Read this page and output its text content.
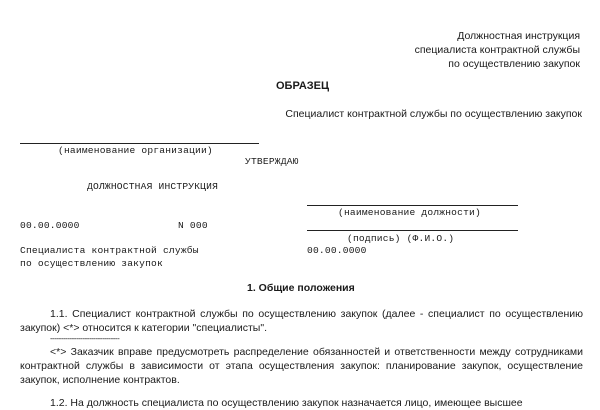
Должностная инструкция
специалиста контрактной службы
по осуществлению закупок
ОБРАЗЕЦ
Специалист контрактной службы по осуществлению закупок
(наименование организации)
УТВЕРЖДАЮ
ДОЛЖНОСТНАЯ ИНСТРУКЦИЯ
(наименование должности)
00.00.0000	N 000
(подпись) (Ф.И.О.)
Специалиста контрактной службы
по осуществлению закупок
00.00.0000
1. Общие положения
1.1. Специалист контрактной службы по осуществлению закупок (далее - специалист по осуществлению закупок) <*> относится к категории "специалисты".
--------------------------------
<*> Заказчик вправе предусмотреть распределение обязанностей и ответственности между сотрудниками контрактной службы в зависимости от этапа осуществления закупок: планирование закупок, осуществление закупок, исполнение контрактов.
1.2. На должность специалиста по осуществлению закупок назначается лицо, имеющее высшее
